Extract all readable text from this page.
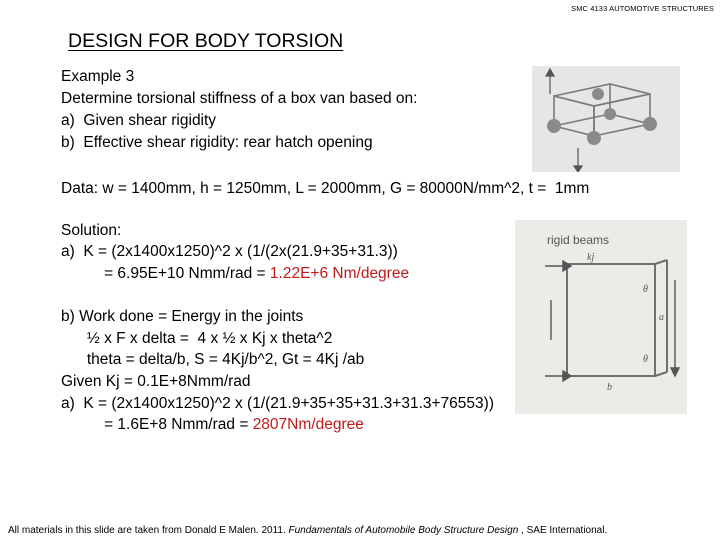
SMC 4133 AUTOMOTIVE STRUCTURES
DESIGN FOR BODY TORSION
Example 3
Determine torsional stiffness of a box van based on:
a)  Given shear rigidity
b)  Effective shear rigidity: rear hatch opening
Data: w = 1400mm, h = 1250mm, L = 2000mm, G = 80000N/mm^2, t =  1mm
Solution:
a)  K = (2x1400x1250)^2 x (1/(2x(21.9+35+31.3))
= 6.95E+10 Nmm/rad = 1.22E+6 Nm/degree
rigid beams
kj
θ
θ
a
b
b) Work done = Energy in the joints
½ x F x delta =  4 x ½ x Kj x theta^2
theta = delta/b, S = 4Kj/b^2, Gt = 4Kj /ab
Given Kj = 0.1E+8Nmm/rad
a)  K = (2x1400x1250)^2 x (1/(21.9+35+35+31.3+31.3+76553))
= 1.6E+8 Nmm/rad = 2807Nm/degree
All materials in this slide are taken from Donald E Malen. 2011. Fundamentals of Automobile Body Structure Design , SAE International.
